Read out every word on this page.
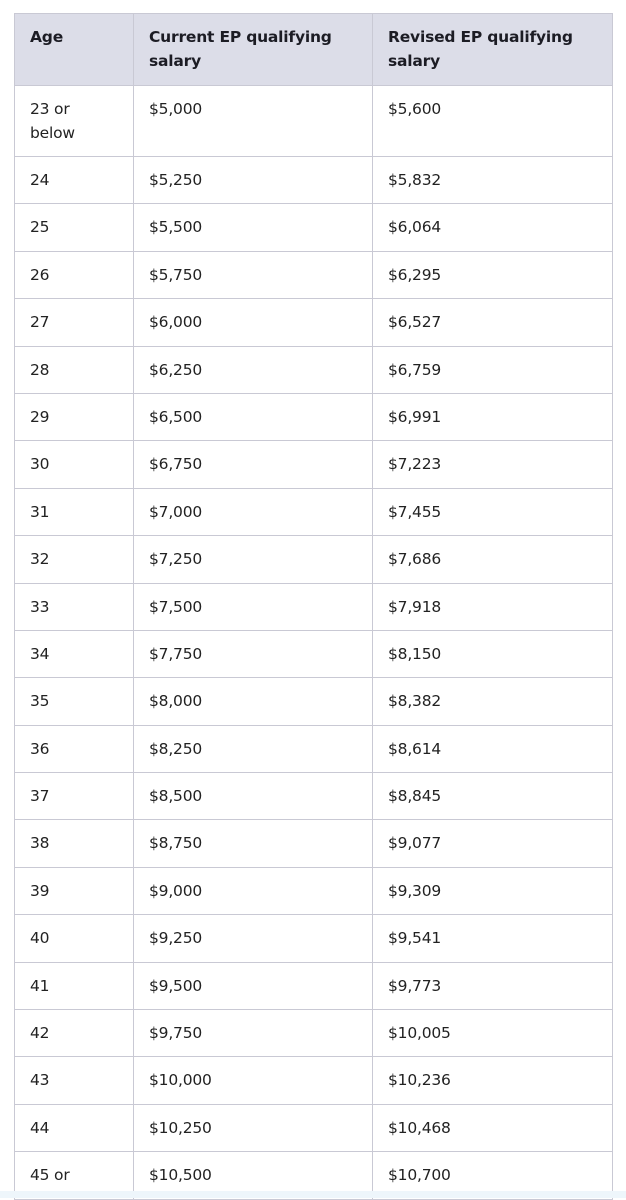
Age	Current EP qualifying salary	Revised EP qualifying salary
23 or below	$5,000	$5,600
24	$5,250	$5,832
25	$5,500	$6,064
26	$5,750	$6,295
27	$6,000	$6,527
28	$6,250	$6,759
29	$6,500	$6,991
30	$6,750	$7,223
31	$7,000	$7,455
32	$7,250	$7,686
33	$7,500	$7,918
34	$7,750	$8,150
35	$8,000	$8,382
36	$8,250	$8,614
37	$8,500	$8,845
38	$8,750	$9,077
39	$9,000	$9,309
40	$9,250	$9,541
41	$9,500	$9,773
42	$9,750	$10,005
43	$10,000	$10,236
44	$10,250	$10,468
45 or	$10,500	$10,700
